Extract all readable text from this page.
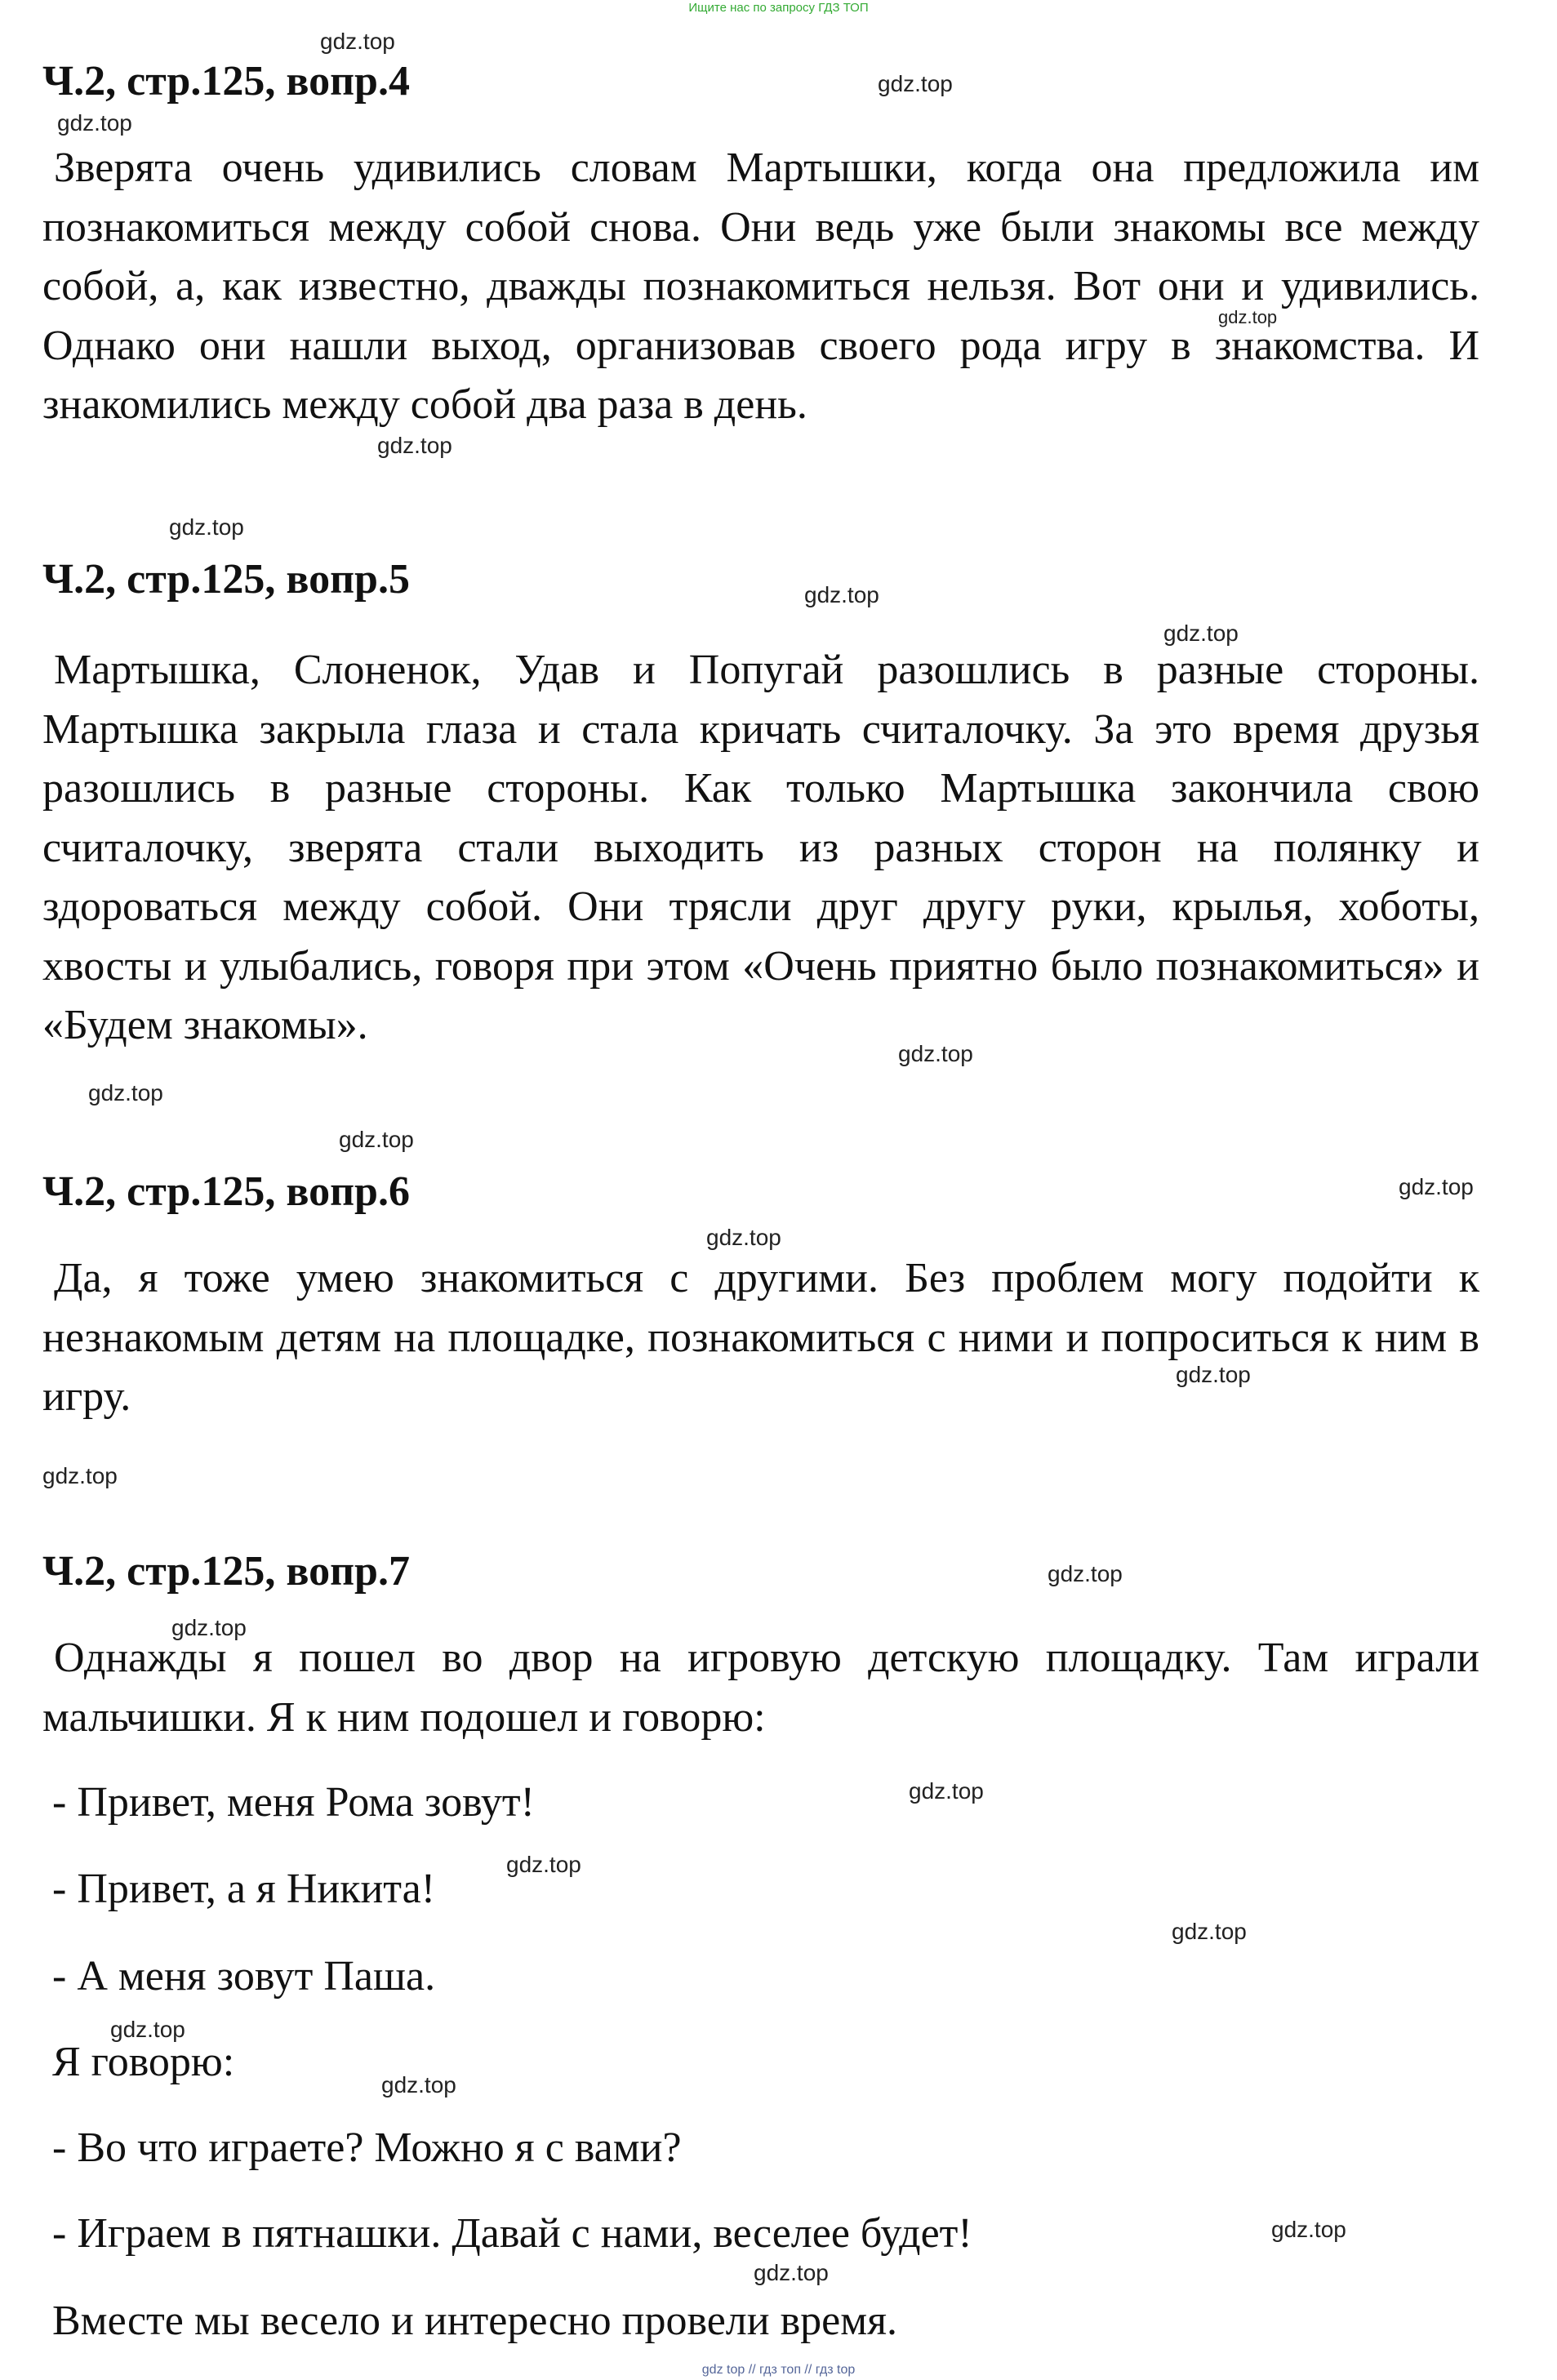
Ищите нас по запросу ГДЗ ТОП
Ч.2, стр.125, вопр.4

Зверята очень удивились словам Мартышки, когда она предложила им познакомиться между собой снова. Они ведь уже были знакомы все между собой, а, как известно, дважды познакомиться нельзя. Вот они и удивились. Однако они нашли выход, организовав своего рода игру в знакомства. И знакомились между собой два раза в день.

Ч.2, стр.125, вопр.5

Мартышка, Слоненок, Удав и Попугай разошлись в разные стороны. Мартышка закрыла глаза и стала кричать считалочку. За это время друзья разошлись в разные стороны. Как только Мартышка закончила свою считалочку, зверята стали выходить из разных сторон на полянку и здороваться между собой. Они трясли друг другу руки, крылья, хоботы, хвосты и улыбались, говоря при этом «Очень приятно было познакомиться» и «Будем знакомы».

Ч.2, стр.125, вопр.6

Да, я тоже умею знакомиться с другими. Без проблем могу подойти к незнакомым детям на площадке, познакомиться с ними и попроситься к ним в игру.

Ч.2, стр.125, вопр.7

Однажды я пошел во двор на игровую детскую площадку. Там играли мальчишки. Я к ним подошел и говорю:

- Привет, меня Рома зовут!

- Привет, а я Никита!

- А меня зовут Паша.

Я говорю:

- Во что играете? Можно я с вами?

- Играем в пятнашки. Давай с нами, веселее будет!

Вместе мы весело и интересно провели время.

gdz.top
gdz.top
gdz.top
gdz.top
gdz.top
gdz.top
gdz.top
gdz.top
gdz.top
gdz.top
gdz.top
gdz.top
gdz.top
gdz.top
gdz.top
gdz.top
gdz.top
gdz.top
gdz.top
gdz.top
gdz.top
gdz.top
gdz.top
gdz.top
gdz top // гдз топ // гдз top
